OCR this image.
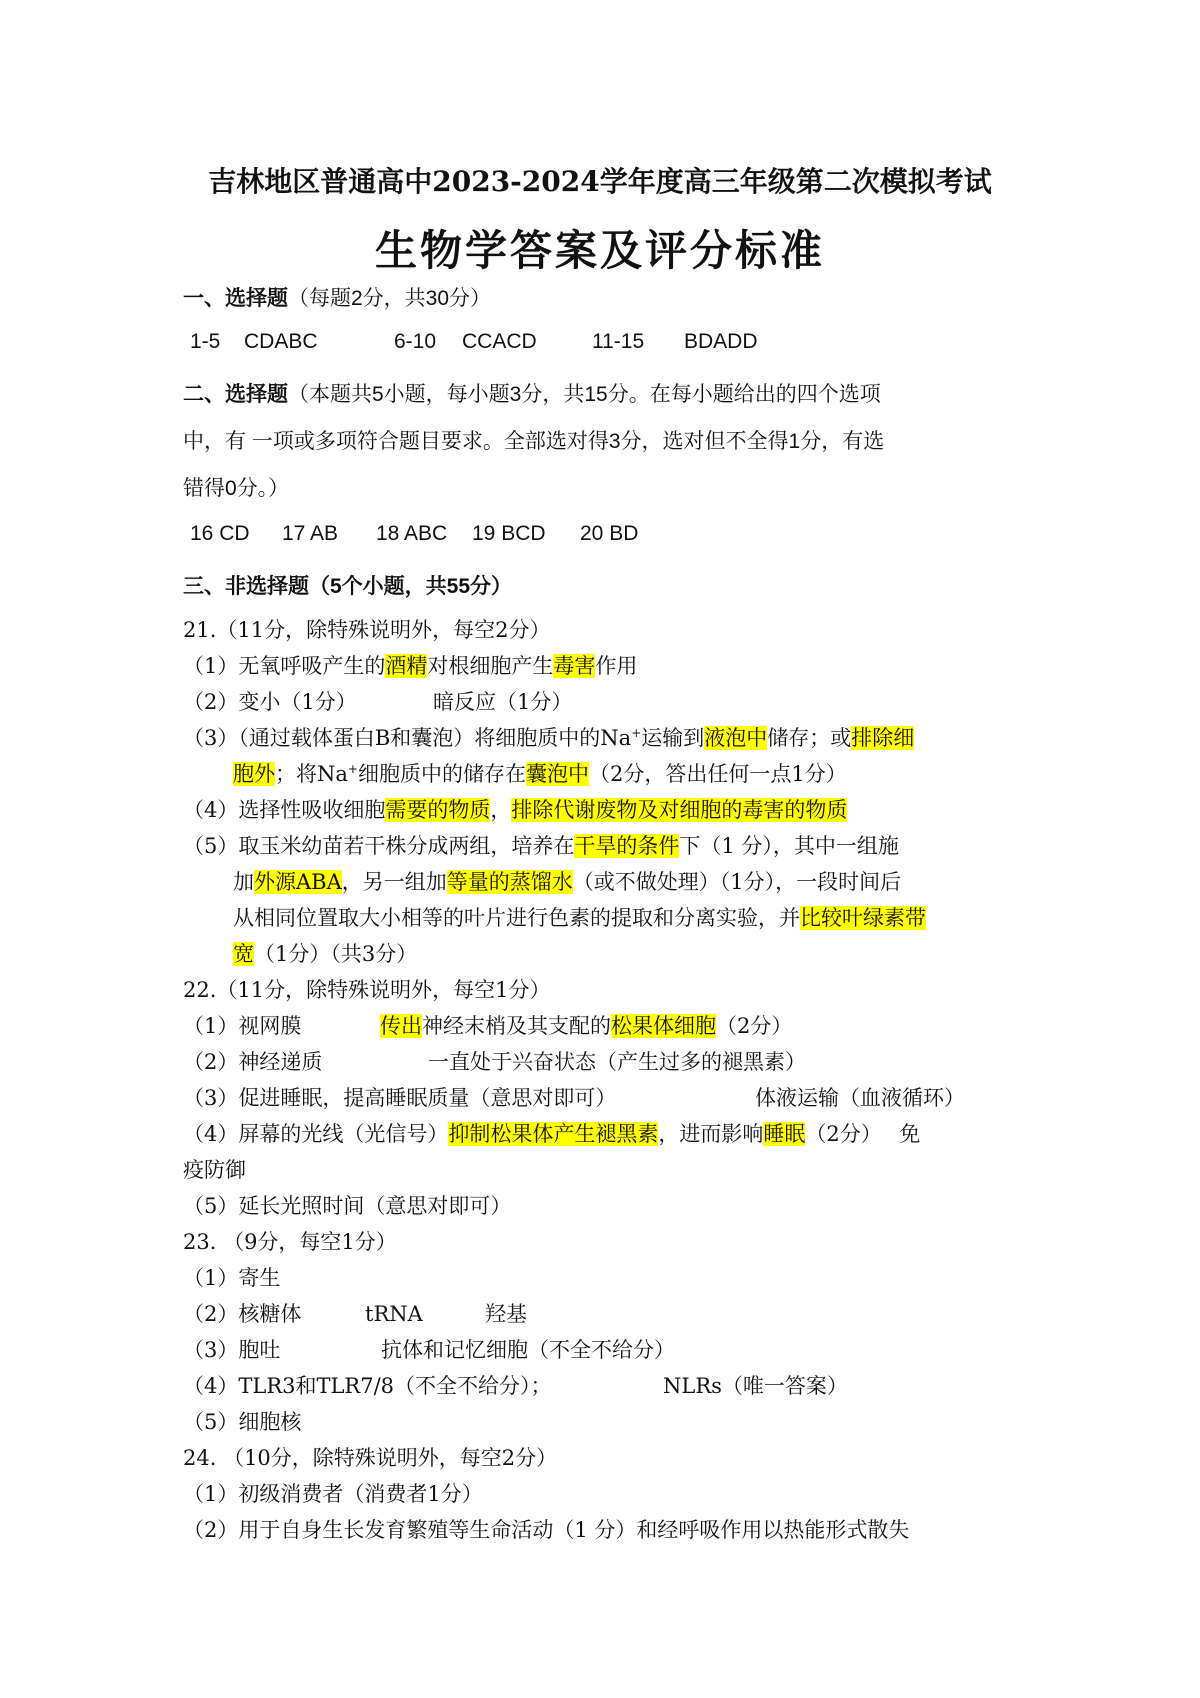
吉林地区普通高中2023-2024学年度高三年级第二次模拟考试
生物学答案及评分标准
一、选择题（每题2分，共30分）
1-5 CDABC	6-10 CCACD	11-15 BDADD
二、选择题（本题共5小题，每小题3分，共15分。在每小题给出的四个选项
中，有 一项或多项符合题目要求。全部选对得3分，选对但不全得1分，有选
错得0分。）
16 CD 17 AB 18 ABC 19 BCD 20 BD
三、非选择题（5个小题，共55分）
21.（11分，除特殊说明外，每空2分）
（1）无氧呼吸产生的酒精对根细胞产生毒害作用
（2）变小（1分）	暗反应（1分）
（3）（通过载体蛋白B和囊泡）将细胞质中的Na+运输到液泡中储存；或排除细
胞外；将Na+细胞质中的储存在囊泡中（2分，答出任何一点1分）
（4）选择性吸收细胞需要的物质，排除代谢废物及对细胞的毒害的物质
（5）取玉米幼苗若干株分成两组，培养在干旱的条件下（1 分），其中一组施
加外源ABA，另一组加等量的蒸馏水（或不做处理）（1分），一段时间后
从相同位置取大小相等的叶片进行色素的提取和分离实验，并比较叶绿素带
宽（1分）（共3分）
22.（11分，除特殊说明外，每空1分）
（1）视网膜	传出神经末梢及其支配的松果体细胞（2分）
（2）神经递质	一直处于兴奋状态（产生过多的褪黑素）
（3）促进睡眠，提高睡眠质量（意思对即可）	体液运输（血液循环）
（4）屏幕的光线（光信号）抑制松果体产生褪黑素，进而影响睡眠（2分） 免
疫防御
（5）延长光照时间（意思对即可）
23. （9分，每空1分）
（1）寄生
（2）核糖体	tRNA	羟基
（3）胞吐	抗体和记忆细胞（不全不给分）
（4）TLR3和TLR7/8（不全不给分）；	NLRs（唯一答案）
（5）细胞核
24. （10分，除特殊说明外，每空2分）
（1）初级消费者（消费者1分）
（2）用于自身生长发育繁殖等生命活动（1 分）和经呼吸作用以热能形式散失
